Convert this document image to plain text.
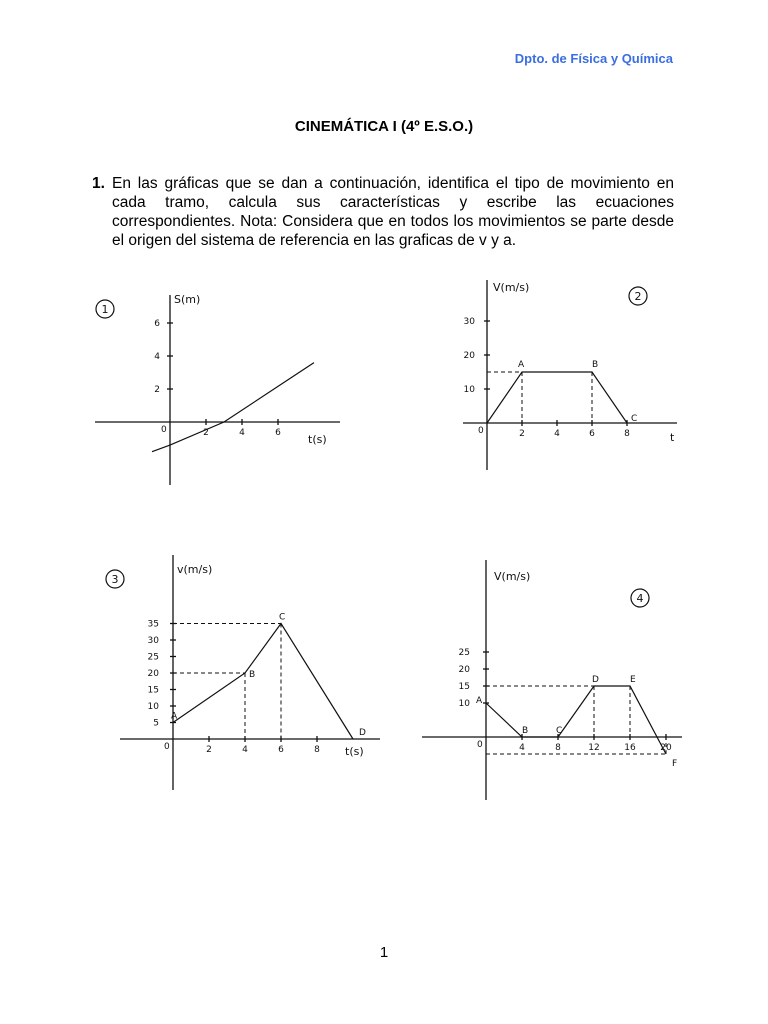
Dpto. de Física y Química
CINEMÁTICA I (4º E.S.O.)
1. En las gráficas que se dan a continuación, identifica el tipo de movimiento en cada tramo, calcula sus características y escribe las ecuaciones correspondientes. Nota: Considera que en todos los movimientos se parte desde el origen del sistema de referencia en las graficas de v y a.
1
S(m)
t(s)
0	2	4	6
2
4
6
2
V(m/s)
t
0	2	4	6	8
10
20
30
A	B
C
3
v(m/s)
t(s)
0	2	4	6	8
5
10
15
20
25
30
35
A
B
C
D
4
V(m/s)
0	4	8	12	16	20
10
15
20
25
A
B	C
D	E
F
1
